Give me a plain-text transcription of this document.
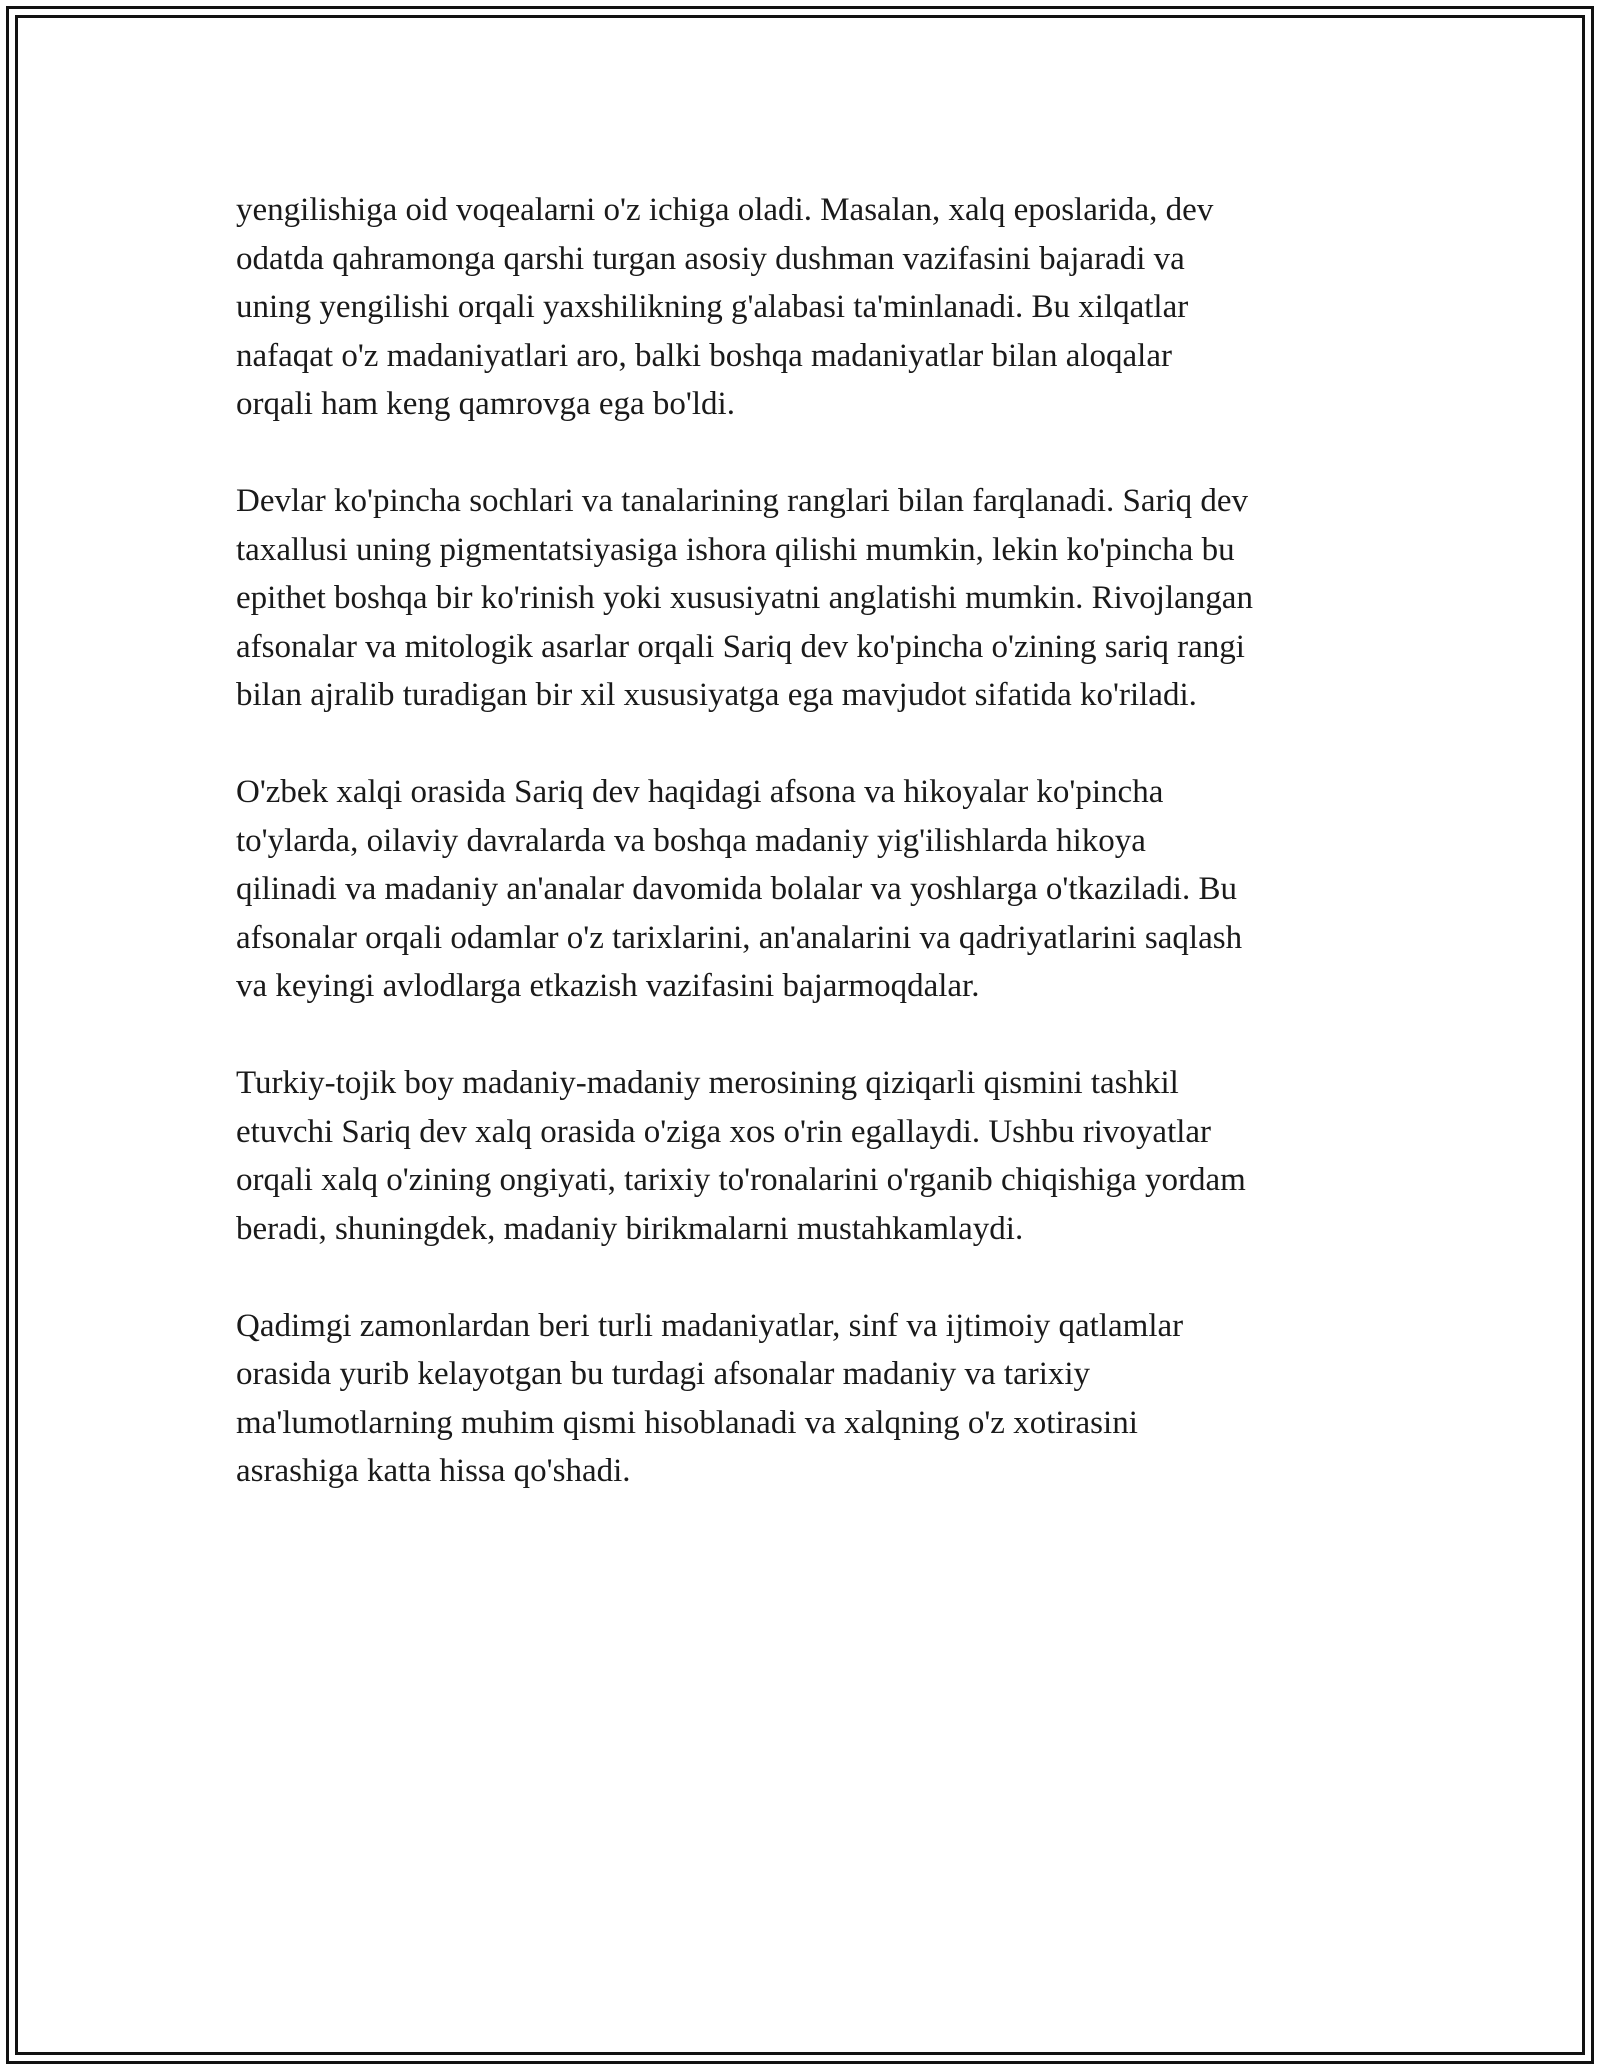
yengilishiga oid voqealarni o'z ichiga oladi. Masalan, xalq eposlarida, dev
odatda qahramonga qarshi turgan asosiy dushman vazifasini bajaradi va
uning yengilishi orqali yaxshilikning g'alabasi ta'minlanadi. Bu xilqatlar
nafaqat o'z madaniyatlari aro, balki boshqa madaniyatlar bilan aloqalar
orqali ham keng qamrovga ega bo'ldi.

Devlar ko'pincha sochlari va tanalarining ranglari bilan farqlanadi. Sariq dev
taxallusi uning pigmentatsiyasiga ishora qilishi mumkin, lekin ko'pincha bu
epithet boshqa bir ko'rinish yoki xususiyatni anglatishi mumkin. Rivojlangan
afsonalar va mitologik asarlar orqali Sariq dev ko'pincha o'zining sariq rangi
bilan ajralib turadigan bir xil xususiyatga ega mavjudot sifatida ko'riladi.

O'zbek xalqi orasida Sariq dev haqidagi afsona va hikoyalar ko'pincha
to'ylarda, oilaviy davralarda va boshqa madaniy yig'ilishlarda hikoya
qilinadi va madaniy an'analar davomida bolalar va yoshlarga o'tkaziladi. Bu
afsonalar orqali odamlar o'z tarixlarini, an'analarini va qadriyatlarini saqlash
va keyingi avlodlarga etkazish vazifasini bajarmoqdalar.

Turkiy-tojik boy madaniy-madaniy merosining qiziqarli qismini tashkil
etuvchi Sariq dev xalq orasida o'ziga xos o'rin egallaydi. Ushbu rivoyatlar
orqali xalq o'zining ongiyati, tarixiy to'ronalarini o'rganib chiqishiga yordam
beradi, shuningdek, madaniy birikmalarni mustahkamlaydi.

Qadimgi zamonlardan beri turli madaniyatlar, sinf va ijtimoiy qatlamlar
orasida yurib kelayotgan bu turdagi afsonalar madaniy va tarixiy
ma'lumotlarning muhim qismi hisoblanadi va xalqning o'z xotirasini
asrashiga katta hissa qo'shadi.
